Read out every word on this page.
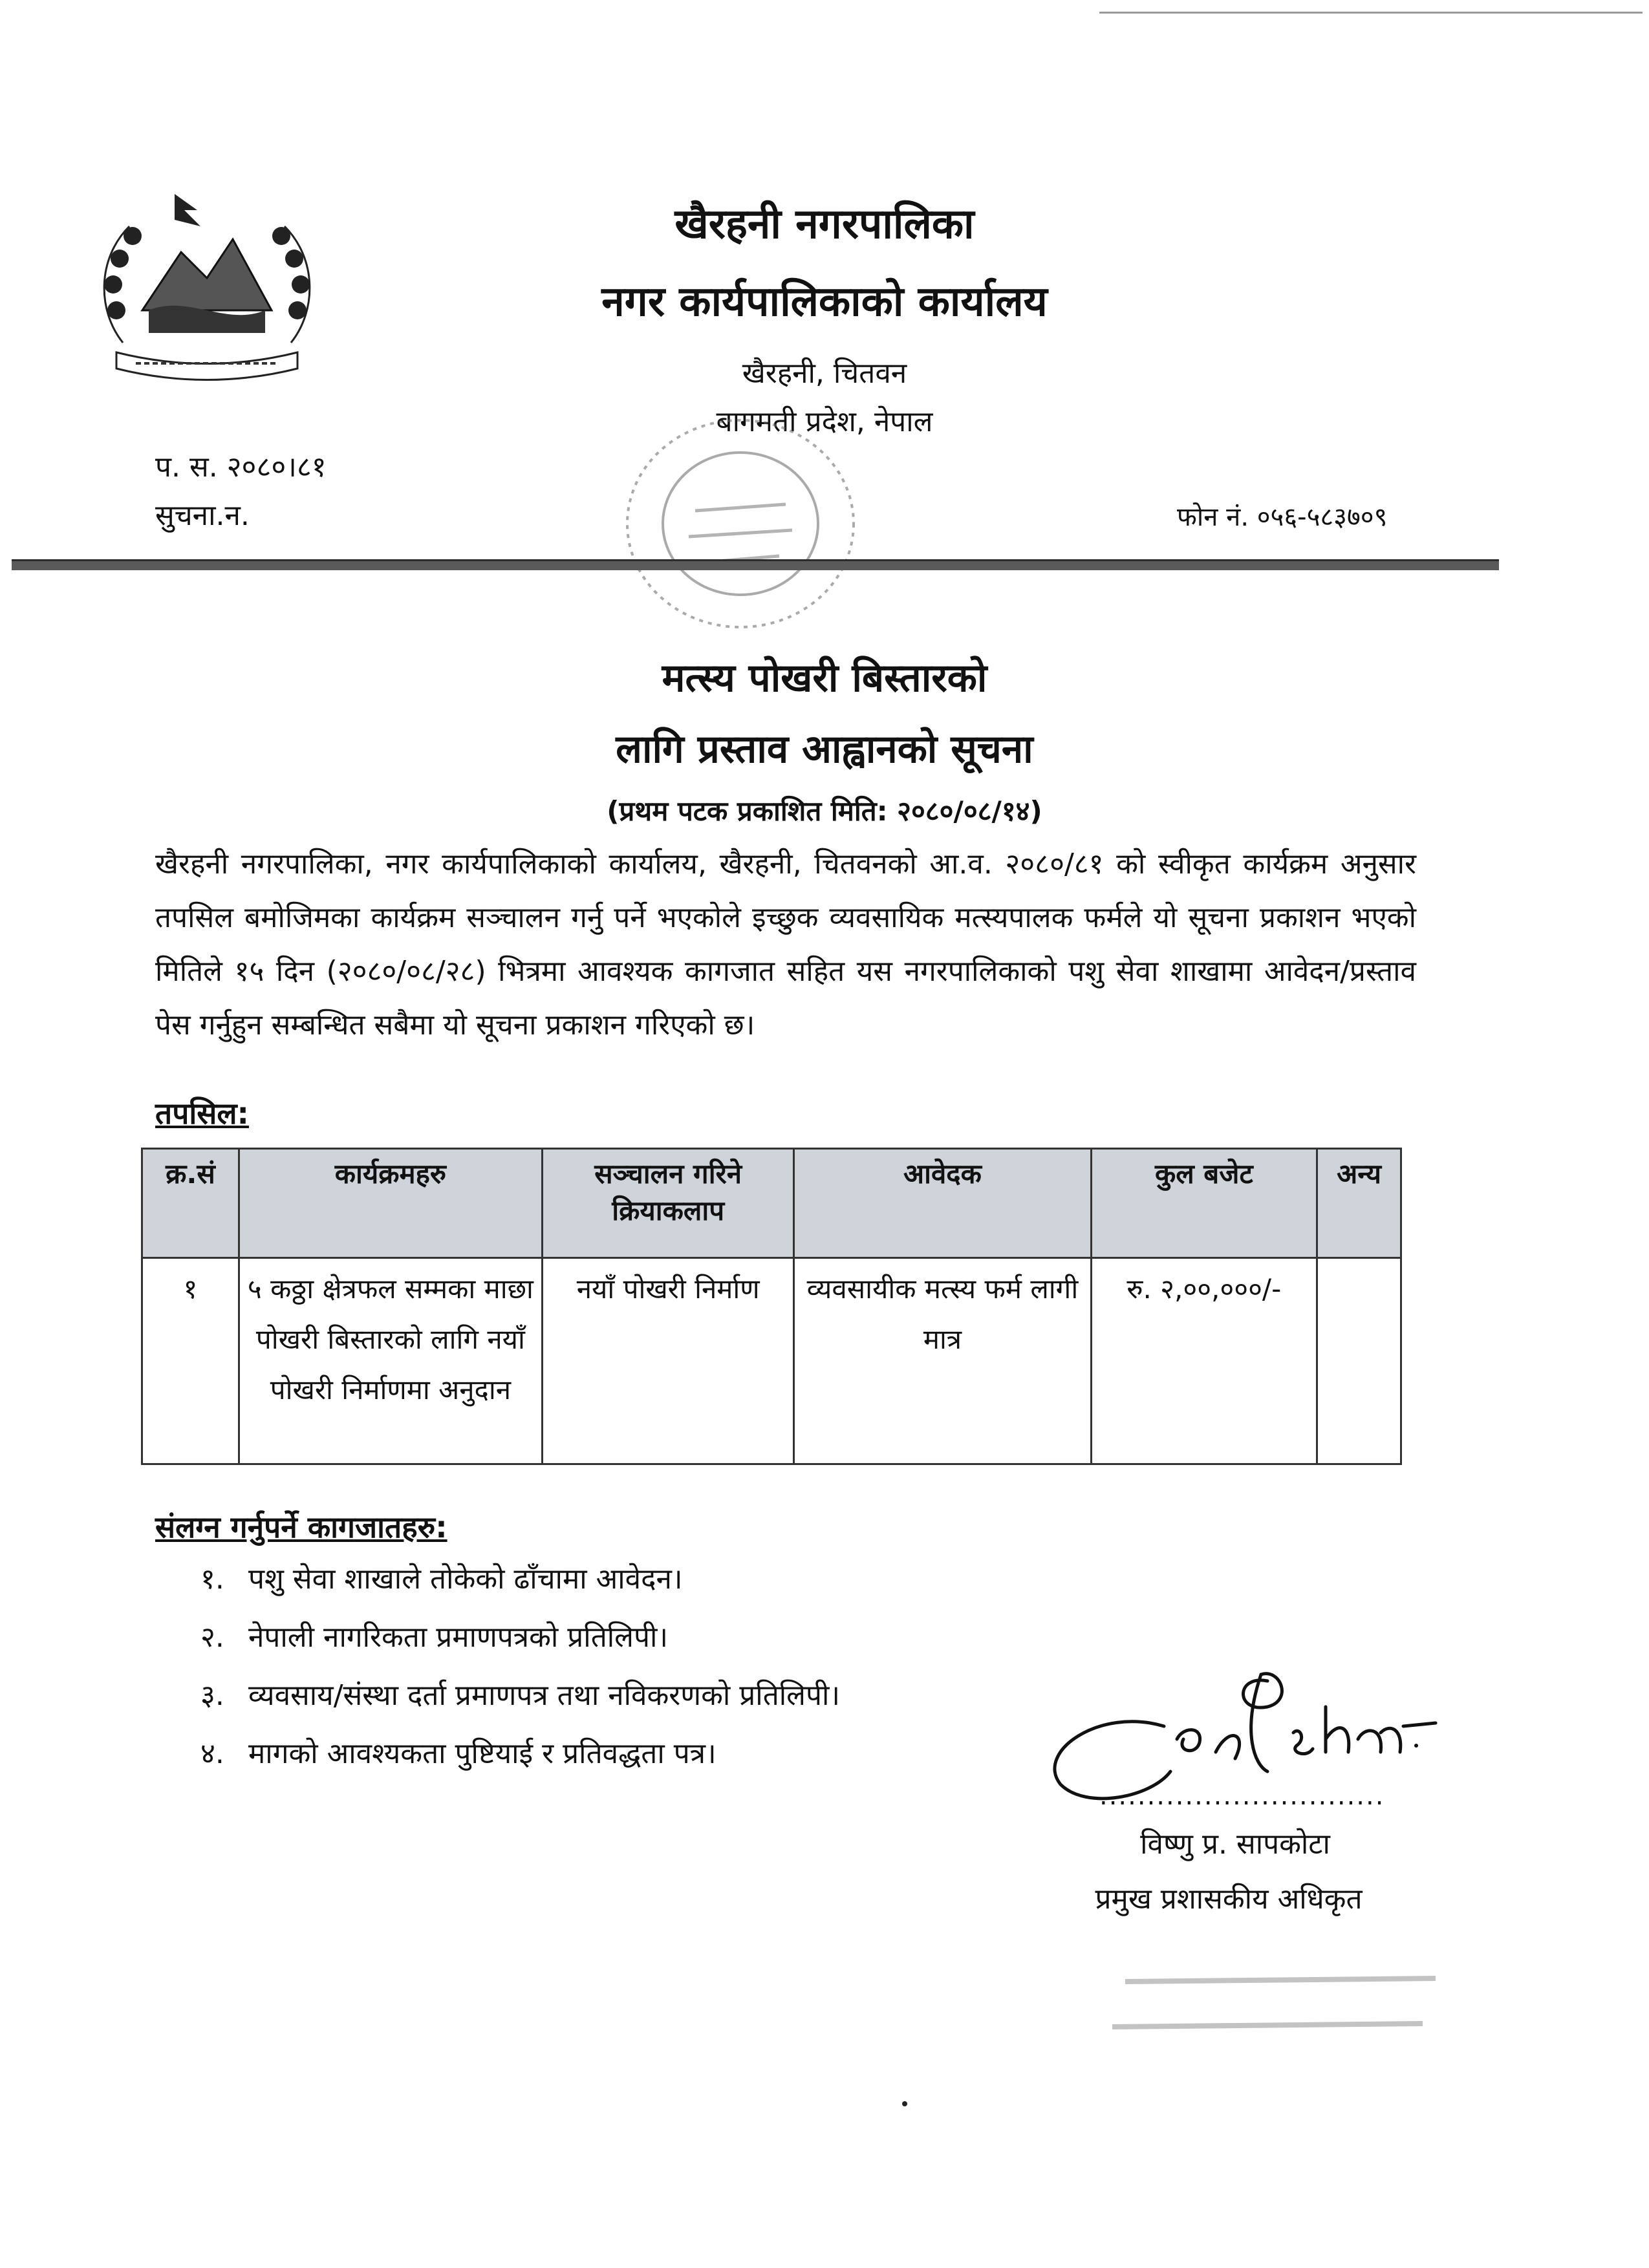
खैरहनी नगरपालिका
नगर कार्यपालिकाको कार्यालय
खैरहनी, चितवन
बागमती प्रदेश, नेपाल
प. स. २०८०।८१
सुचना.न.	फोन नं. ०५६-५८३७०९
मत्स्य पोखरी बिस्तारको
लागि प्रस्ताव आह्वानको सूचना
(प्रथम पटक प्रकाशित मिति: २०८०/०८/१४)
खैरहनी नगरपालिका, नगर कार्यपालिकाको कार्यालय, खैरहनी, चितवनको आ.व. २०८०/८१ को स्वीकृत कार्यक्रम अनुसार तपसिल बमोजिमका कार्यक्रम सञ्चालन गर्नु पर्ने भएकोले इच्छुक व्यवसायिक मत्स्यपालक फर्मले यो सूचना प्रकाशन भएको मितिले १५ दिन (२०८०/०८/२८) भित्रमा आवश्यक कागजात सहित यस नगरपालिकाको पशु सेवा शाखामा आवेदन/प्रस्ताव पेस गर्नुहुन सम्बन्धित सबैमा यो सूचना प्रकाशन गरिएको छ।
तपसिल:
क्र.सं	कार्यक्रमहरु	सञ्चालन गरिने क्रियाकलाप	आवेदक	कुल बजेट	अन्य
१	५ कठ्ठा क्षेत्रफल सम्मका माछा पोखरी बिस्तारको लागि नयाँ पोखरी निर्माणमा अनुदान	नयाँ पोखरी निर्माण	व्यवसायीक मत्स्य फर्म लागी मात्र	रु. २,००,०००/-	
संलग्न गर्नुपर्ने कागजातहरु:
१. पशु सेवा शाखाले तोकेको ढाँचामा आवेदन।
२. नेपाली नागरिकता प्रमाणपत्रको प्रतिलिपी।
३. व्यवसाय/संस्था दर्ता प्रमाणपत्र तथा नविकरणको प्रतिलिपी।
४. मागको आवश्यकता पुष्टियाई र प्रतिवद्धता पत्र।
..............................
विष्णु प्र. सापकोटा
प्रमुख प्रशासकीय अधिकृत
